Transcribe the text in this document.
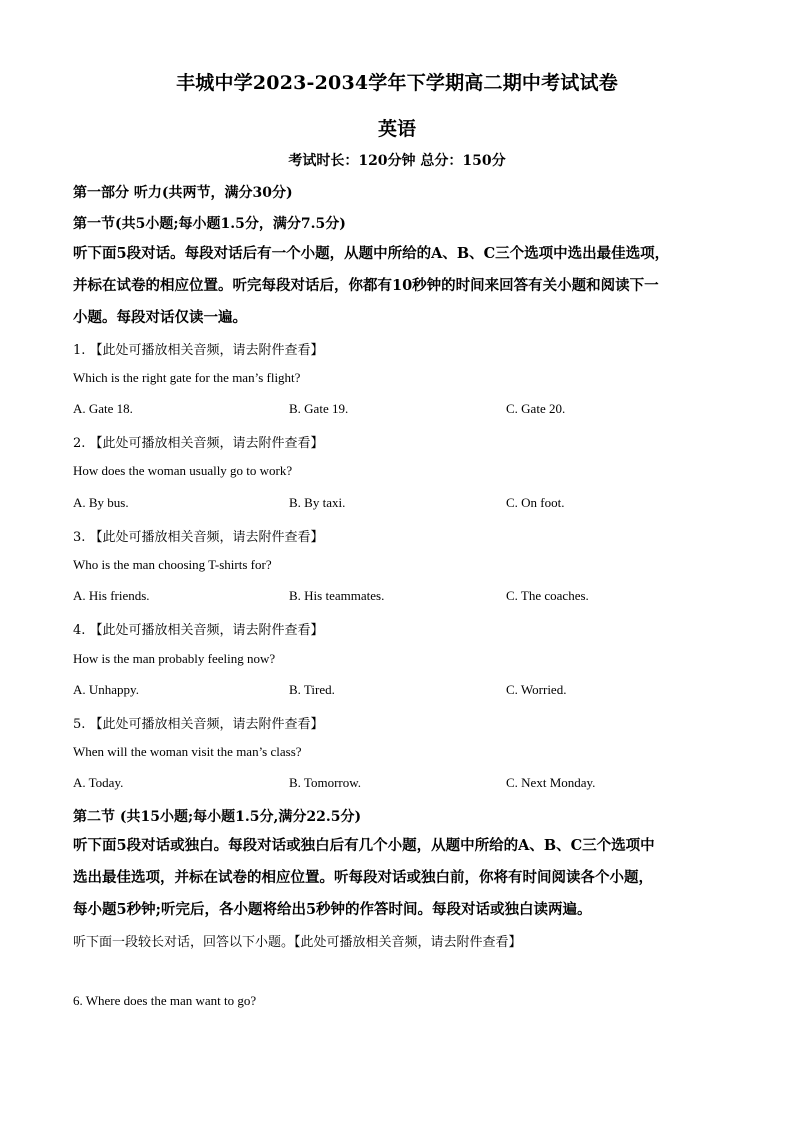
丰城中学2023-2034学年下学期高二期中考试试卷
英语
考试时长：120分钟 总分：150分
第一部分 听力(共两节，满分30分)
第一节(共5小题;每小题1.5分，满分7.5分)
听下面5段对话。每段对话后有一个小题，从题中所给的A、B、C三个选项中选出最佳选项，
并标在试卷的相应位置。听完每段对话后，你都有10秒钟的时间来回答有关小题和阅读下一
小题。每段对话仅读一遍。
1. 【此处可播放相关音频，请去附件查看】
Which is the right gate for the man’s flight?
A. Gate 18.	B. Gate 19.	C. Gate 20.
2. 【此处可播放相关音频，请去附件查看】
How does the woman usually go to work?
A. By bus.	B. By taxi.	C. On foot.
3. 【此处可播放相关音频，请去附件查看】
Who is the man choosing T-shirts for?
A. His friends.	B. His teammates.	C. The coaches.
4. 【此处可播放相关音频，请去附件查看】
How is the man probably feeling now?
A. Unhappy.	B. Tired.	C. Worried.
5. 【此处可播放相关音频，请去附件查看】
When will the woman visit the man’s class?
A. Today.	B. Tomorrow.	C. Next Monday.
第二节 (共15小题;每小题1.5分,满分22.5分)
听下面5段对话或独白。每段对话或独白后有几个小题，从题中所给的A、B、C三个选项中
选出最佳选项，并标在试卷的相应位置。听每段对话或独白前，你将有时间阅读各个小题，
每小题5秒钟;听完后，各小题将给出5秒钟的作答时间。每段对话或独白读两遍。
听下面一段较长对话，回答以下小题。【此处可播放相关音频，请去附件查看】
6. Where does the man want to go?
